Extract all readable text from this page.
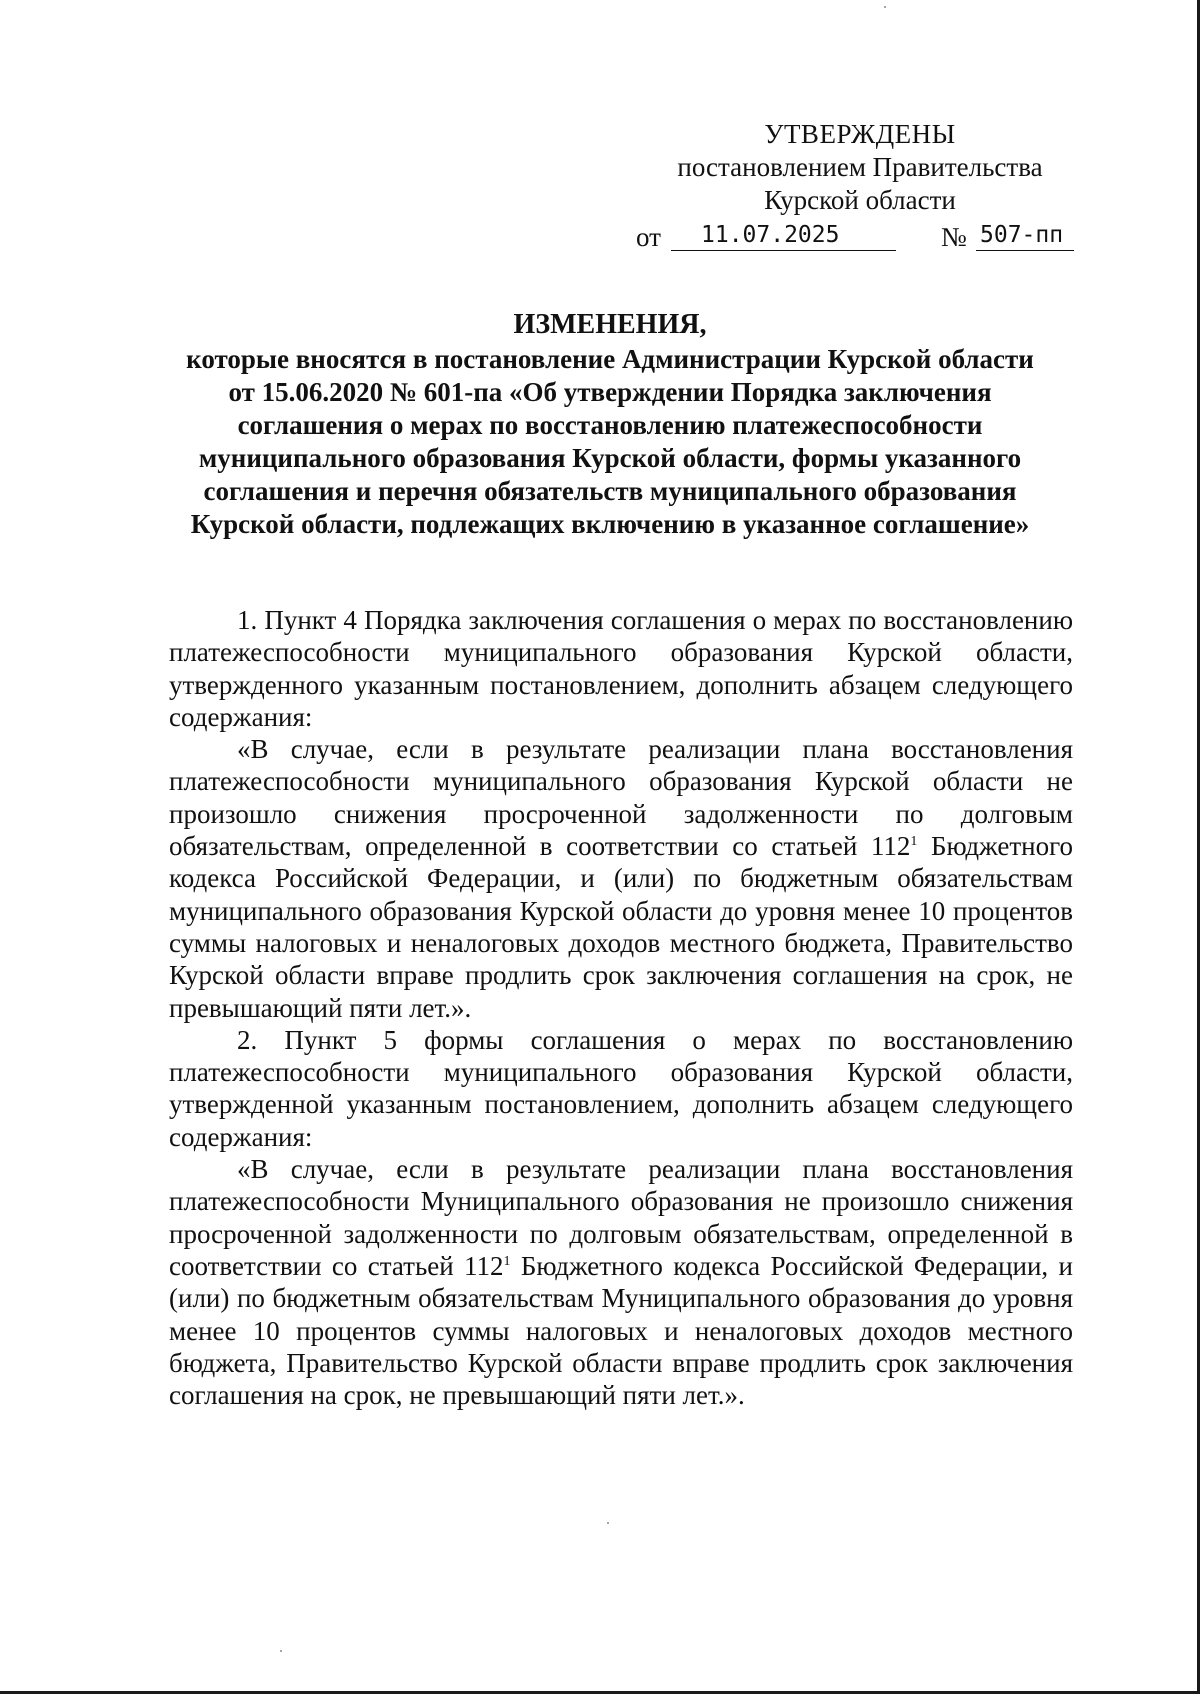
УТВЕРЖДЕНЫ
постановлением Правительства
Курской области
от	11.07.2025	№ 507-пп
ИЗМЕНЕНИЯ,
которые вносятся в постановление Администрации Курской области
от 15.06.2020 № 601-па «Об утверждении Порядка заключения
соглашения о мерах по восстановлению платежеспособности
муниципального образования Курской области, формы указанного
соглашения и перечня обязательств муниципального образования
Курской области, подлежащих включению в указанное соглашение»

1. Пункт 4 Порядка заключения соглашения о мерах по восстановлению платежеспособности муниципального образования Курской области, утвержденного указанным постановлением, дополнить абзацем следующего содержания:

«В случае, если в результате реализации плана восстановления платежеспособности муниципального образования Курской области не произошло снижения просроченной задолженности по долговым обязательствам, определенной в соответствии со статьей $112^1$ Бюджетного кодекса Российской Федерации, и (или) по бюджетным обязательствам муниципального образования Курской области до уровня менее 10 процентов суммы налоговых и неналоговых доходов местного бюджета, Правительство Курской области вправе продлить срок заключения соглашения на срок, не превышающий пяти лет.».

2. Пункт 5 формы соглашения о мерах по восстановлению платежеспособности муниципального образования Курской области, утвержденной указанным постановлением, дополнить абзацем следующего содержания:

«В случае, если в результате реализации плана восстановления платежеспособности Муниципального образования не произошло снижения просроченной задолженности по долговым обязательствам, определенной в соответствии со статьей $112^1$ Бюджетного кодекса Российской Федерации, и (или) по бюджетным обязательствам Муниципального образования до уровня менее 10 процентов суммы налоговых и неналоговых доходов местного бюджета, Правительство Курской области вправе продлить срок заключения соглашения на срок, не превышающий пяти лет.».
